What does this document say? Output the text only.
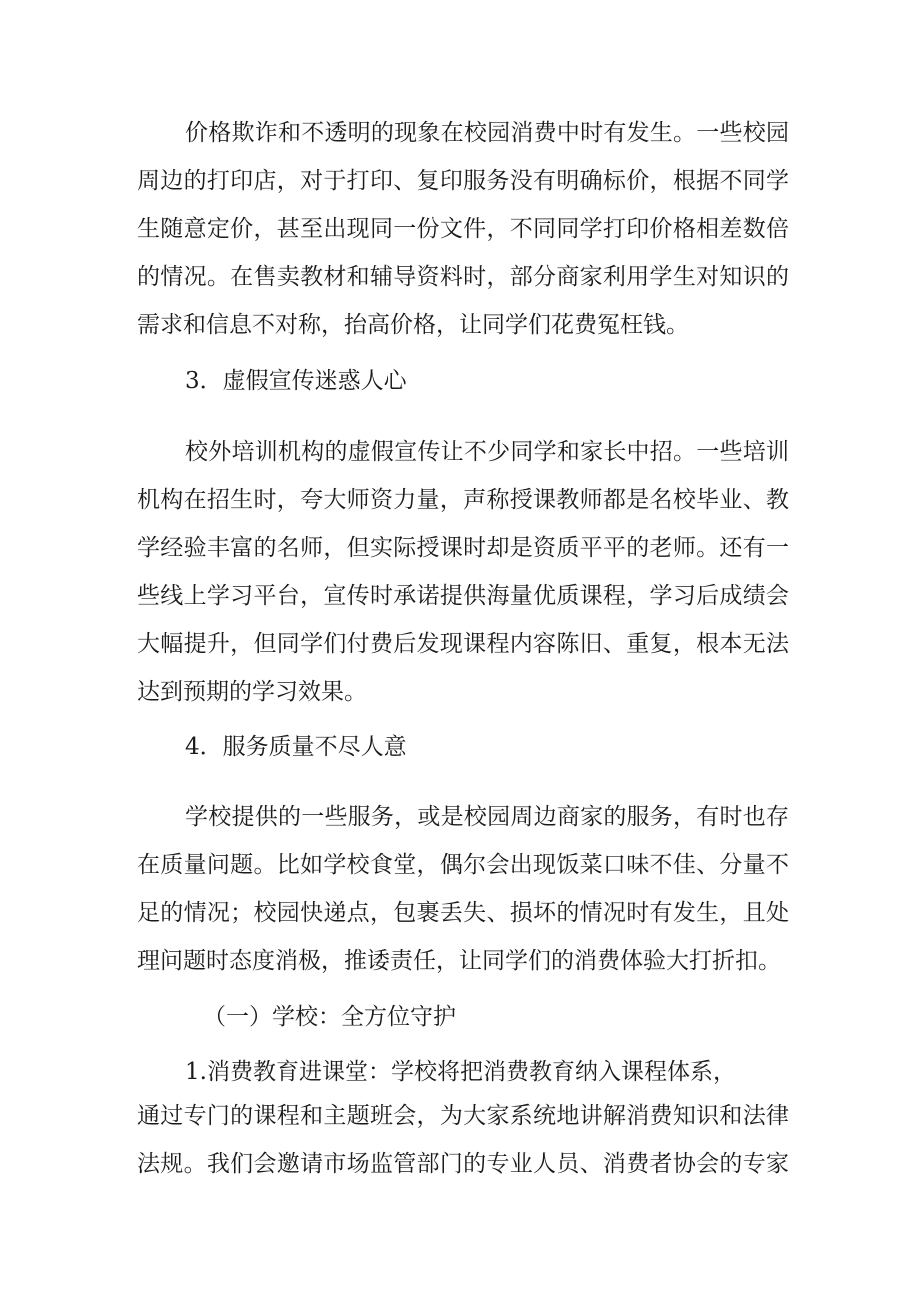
价格欺诈和不透明的现象在校园消费中时有发生。一些校园
周边的打印店，对于打印、复印服务没有明确标价，根据不同学
生随意定价，甚至出现同一份文件，不同同学打印价格相差数倍
的情况。在售卖教材和辅导资料时，部分商家利用学生对知识的
需求和信息不对称，抬高价格，让同学们花费冤枉钱。
3．虚假宣传迷惑人心
校外培训机构的虚假宣传让不少同学和家长中招。一些培训
机构在招生时，夸大师资力量，声称授课教师都是名校毕业、教
学经验丰富的名师，但实际授课时却是资质平平的老师。还有一
些线上学习平台，宣传时承诺提供海量优质课程，学习后成绩会
大幅提升，但同学们付费后发现课程内容陈旧、重复，根本无法
达到预期的学习效果。
4．服务质量不尽人意
学校提供的一些服务，或是校园周边商家的服务，有时也存
在质量问题。比如学校食堂，偶尔会出现饭菜口味不佳、分量不
足的情况；校园快递点，包裹丢失、损坏的情况时有发生，且处
理问题时态度消极，推诿责任，让同学们的消费体验大打折扣。
（一）学校：全方位守护
1.消费教育进课堂：学校将把消费教育纳入课程体系，
通过专门的课程和主题班会，为大家系统地讲解消费知识和法律
法规。我们会邀请市场监管部门的专业人员、消费者协会的专家
